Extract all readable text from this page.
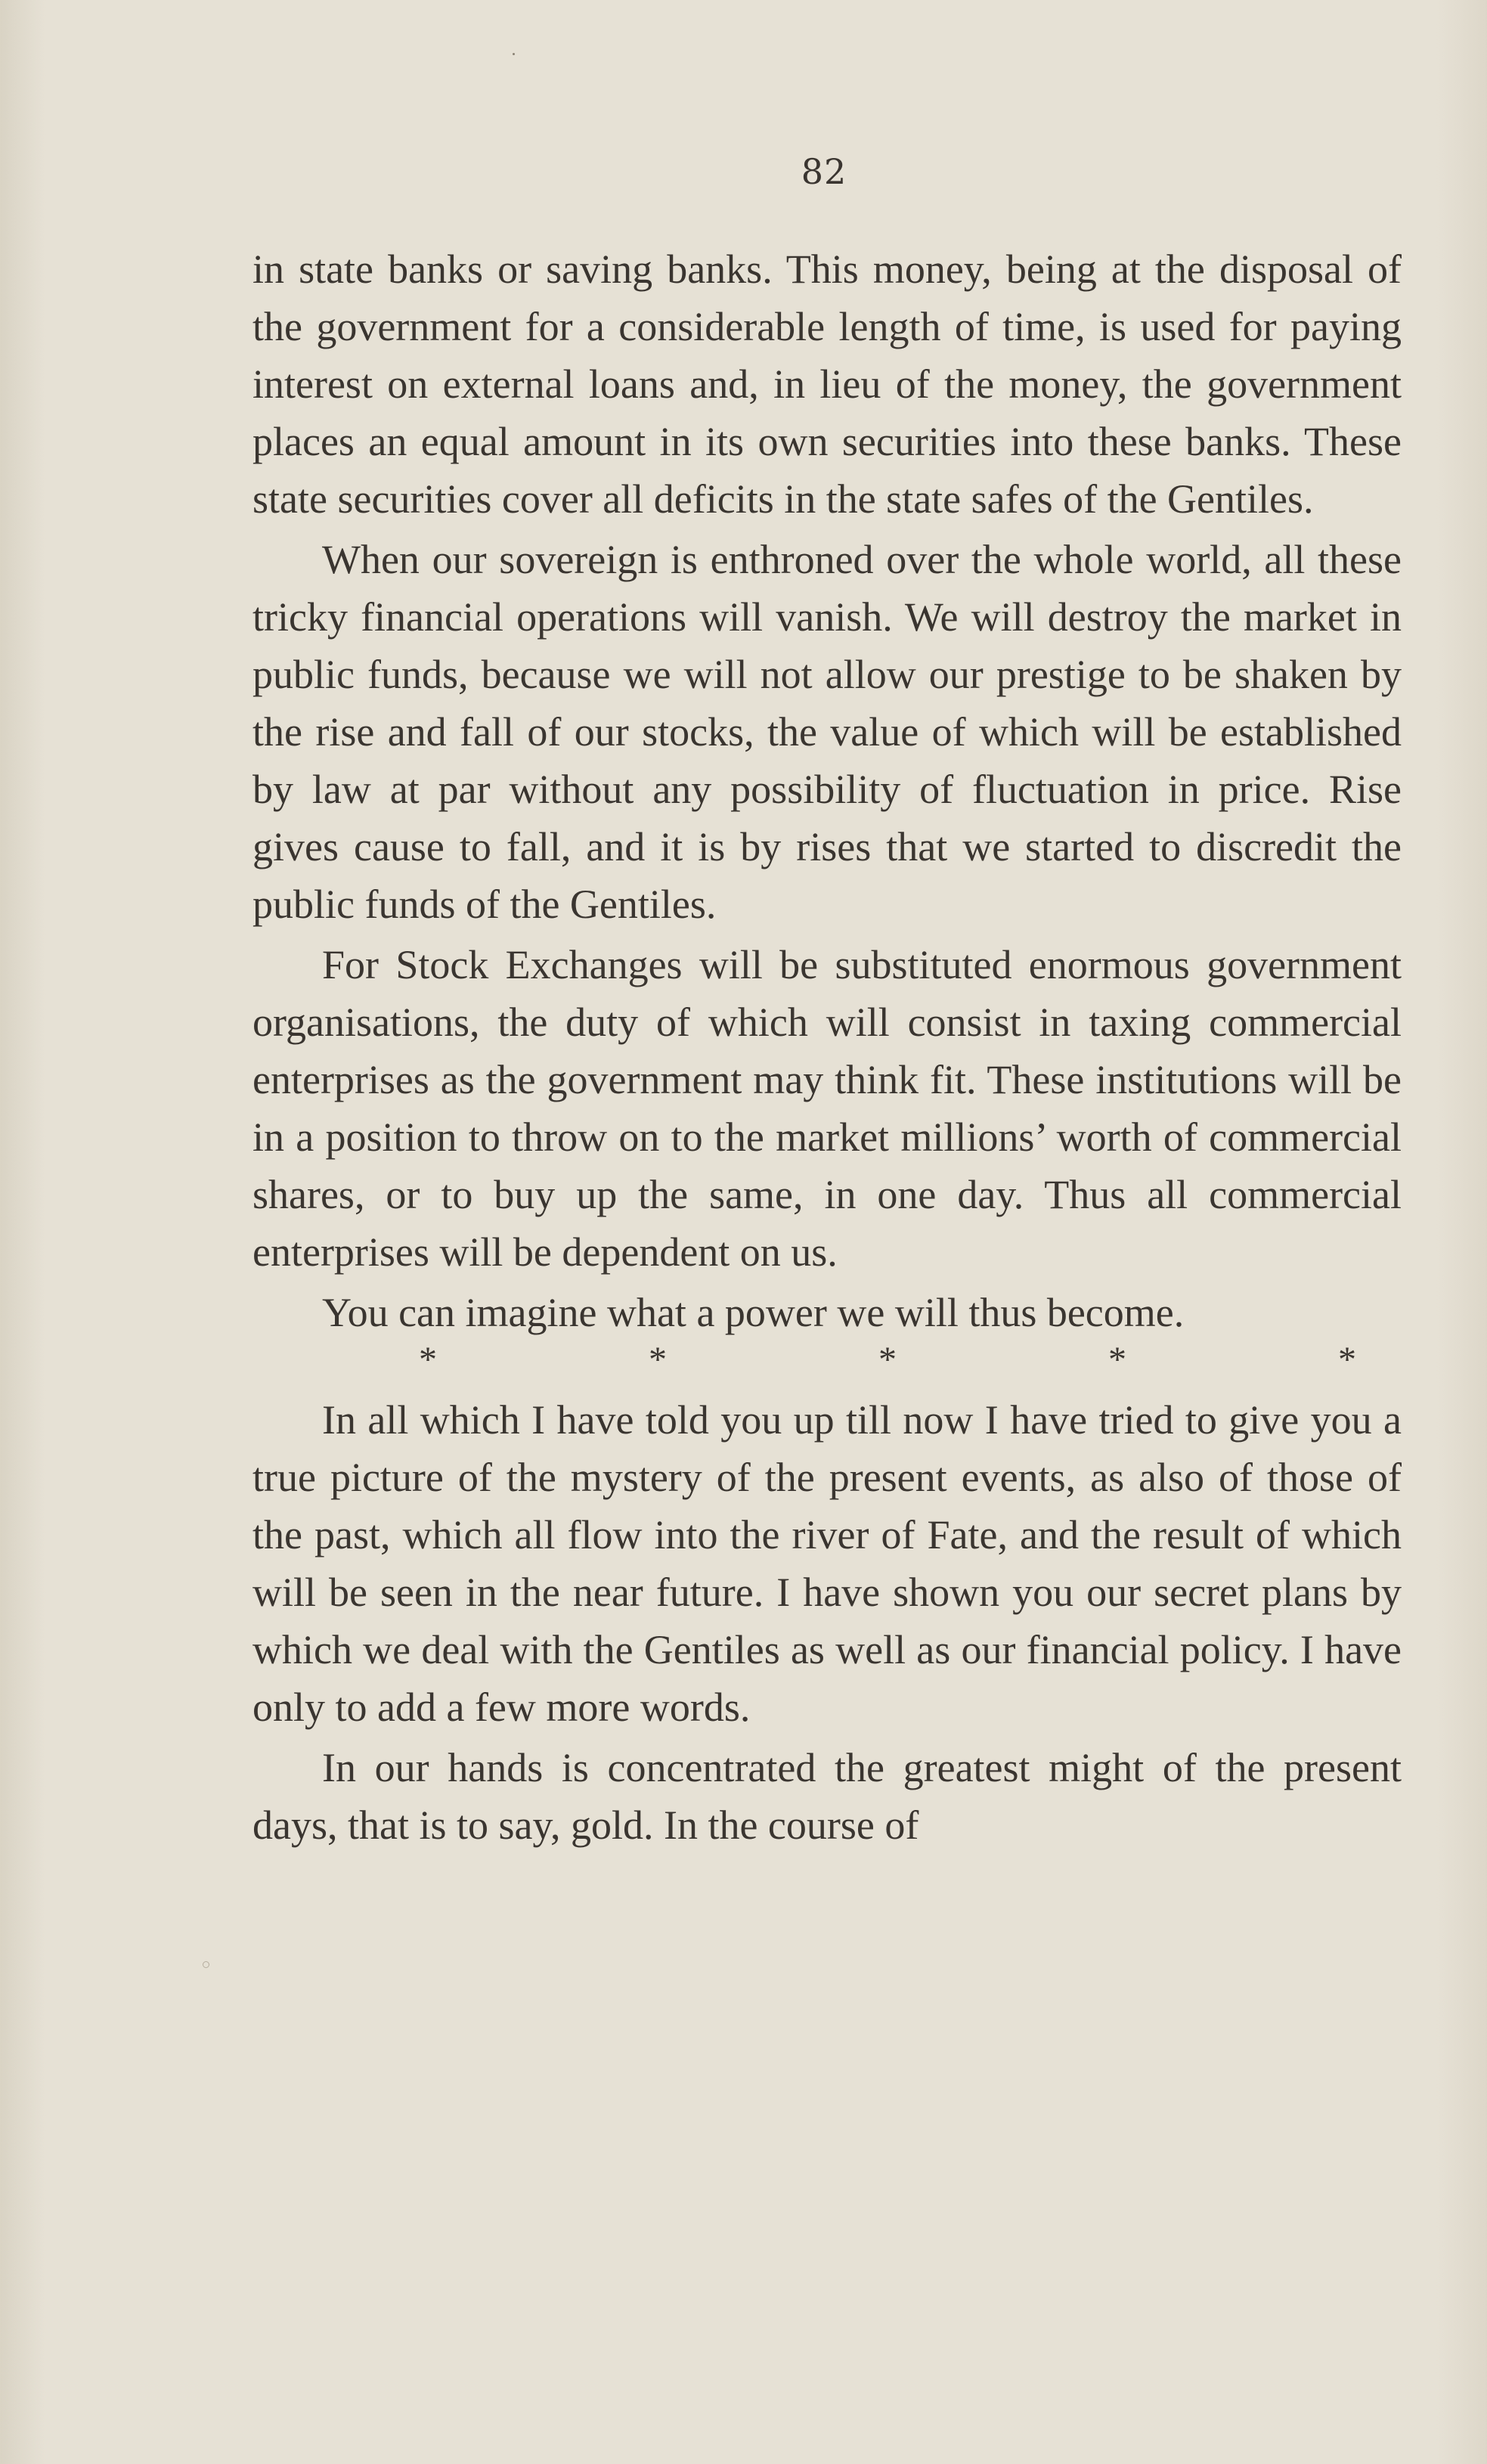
82

in state banks or saving banks. This money, being at the disposal of the government for a considerable length of time, is used for paying interest on external loans and, in lieu of the money, the government places an equal amount in its own securities into these banks. These state securities cover all deficits in the state safes of the Gentiles.

When our sovereign is enthroned over the whole world, all these tricky financial operations will vanish. We will destroy the market in public funds, because we will not allow our prestige to be shaken by the rise and fall of our stocks, the value of which will be established by law at par without any possibility of fluctuation in price. Rise gives cause to fall, and it is by rises that we started to discredit the public funds of the Gentiles.

For Stock Exchanges will be substituted enormous government organisations, the duty of which will consist in taxing commercial enterprises as the government may think fit. These institutions will be in a position to throw on to the market millions’ worth of commercial shares, or to buy up the same, in one day. Thus all commercial enterprises will be dependent on us.

You can imagine what a power we will thus become.

*	*	*	*	*

In all which I have told you up till now I have tried to give you a true picture of the mystery of the present events, as also of those of the past, which all flow into the river of Fate, and the result of which will be seen in the near future. I have shown you our secret plans by which we deal with the Gentiles as well as our financial policy. I have only to add a few more words.

In our hands is concentrated the greatest might of the present days, that is to say, gold. In the course of
